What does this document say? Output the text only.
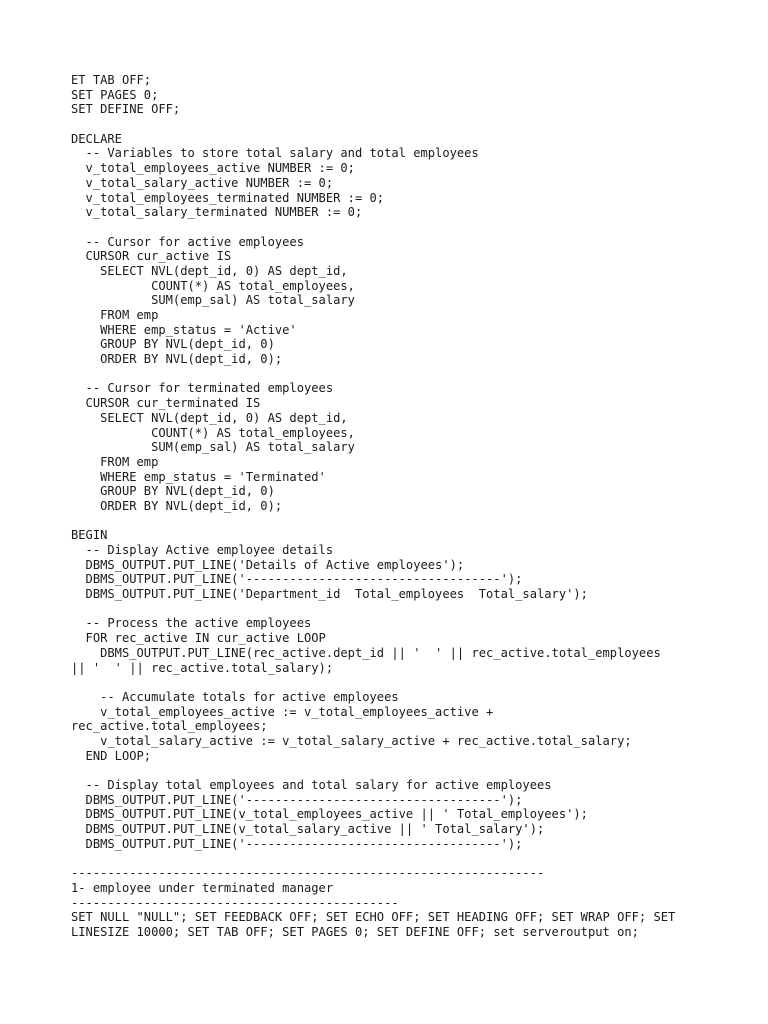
ET TAB OFF;
SET PAGES 0;
SET DEFINE OFF;
DECLARE
-- Variables to store total salary and total employees
v_total_employees_active NUMBER := 0;
v_total_salary_active NUMBER := 0;
v_total_employees_terminated NUMBER := 0;
v_total_salary_terminated NUMBER := 0;
-- Cursor for active employees
CURSOR cur_active IS
SELECT NVL(dept_id, 0) AS dept_id,
COUNT(*) AS total_employees,
SUM(emp_sal) AS total_salary
FROM emp
WHERE emp_status = 'Active'
GROUP BY NVL(dept_id, 0)
ORDER BY NVL(dept_id, 0);
-- Cursor for terminated employees
CURSOR cur_terminated IS
SELECT NVL(dept_id, 0) AS dept_id,
COUNT(*) AS total_employees,
SUM(emp_sal) AS total_salary
FROM emp
WHERE emp_status = 'Terminated'
GROUP BY NVL(dept_id, 0)
ORDER BY NVL(dept_id, 0);
BEGIN
-- Display Active employee details
DBMS_OUTPUT.PUT_LINE('Details of Active employees');
DBMS_OUTPUT.PUT_LINE('-----------------------------------');
DBMS_OUTPUT.PUT_LINE('Department_id  Total_employees  Total_salary');
-- Process the active employees
FOR rec_active IN cur_active LOOP
DBMS_OUTPUT.PUT_LINE(rec_active.dept_id || '  ' || rec_active.total_employees
|| '  ' || rec_active.total_salary);
-- Accumulate totals for active employees
v_total_employees_active := v_total_employees_active +
rec_active.total_employees;
v_total_salary_active := v_total_salary_active + rec_active.total_salary;
END LOOP;
-- Display total employees and total salary for active employees
DBMS_OUTPUT.PUT_LINE('-----------------------------------');
DBMS_OUTPUT.PUT_LINE(v_total_employees_active || ' Total_employees');
DBMS_OUTPUT.PUT_LINE(v_total_salary_active || ' Total_salary');
DBMS_OUTPUT.PUT_LINE('-----------------------------------');
-----------------------------------------------------------------
1- employee under terminated manager
---------------------------------------------
SET NULL "NULL"; SET FEEDBACK OFF; SET ECHO OFF; SET HEADING OFF; SET WRAP OFF; SET
LINESIZE 10000; SET TAB OFF; SET PAGES 0; SET DEFINE OFF; set serveroutput on;
